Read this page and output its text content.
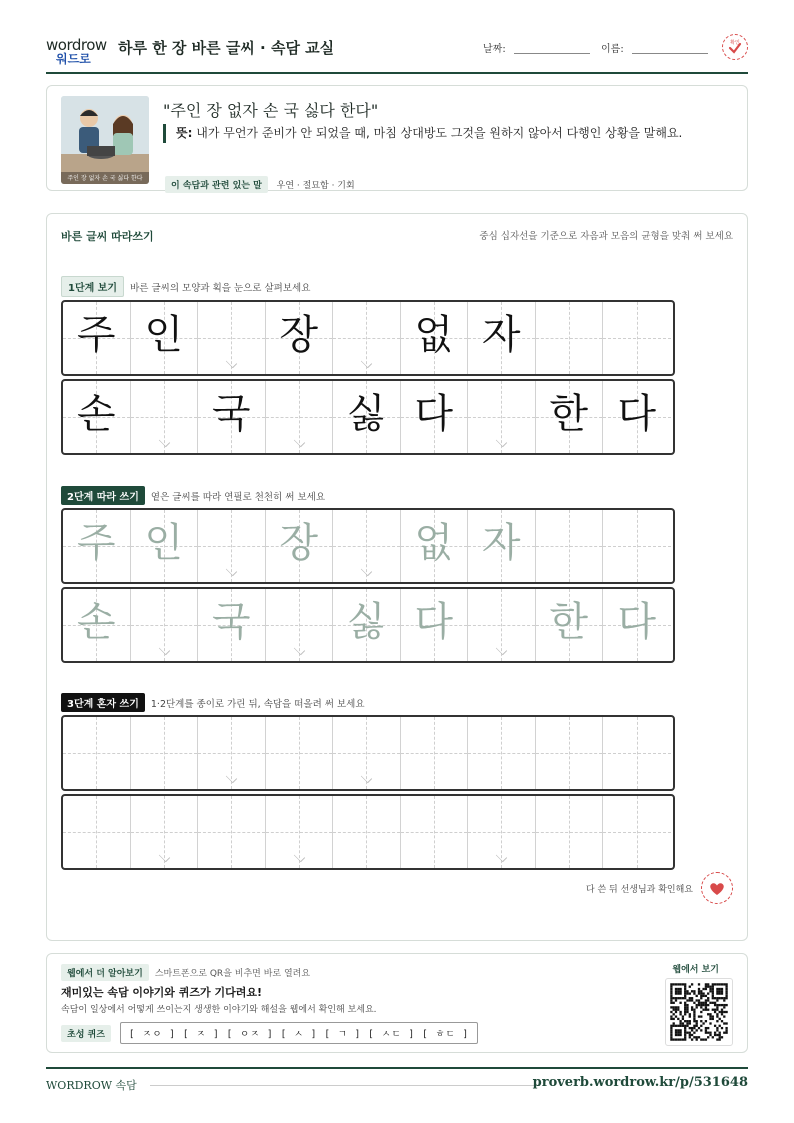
wordrow
워드로
하루 한 장 바른 글씨 · 속담 교실	날짜:	이름:
확인
주인 장 없자 손 국 싫다 한다
"주인 장 없자 손 국 싫다 한다"
뜻: 내가 무언가 준비가 안 되었을 때, 마침 상대방도 그것을 원하지 않아서 다행인 상황을 말해요.
이 속담과 관련 있는 말 우연 · 절묘함 · 기회
바른 글씨 따라쓰기	중심 십자선을 기준으로 자음과 모음의 균형을 맞춰 써 보세요
1단계 보기 바른 글씨의 모양과 획을 눈으로 살펴보세요
주 인	장	없 자
손	국	싫 다	한 다
2단계 따라 쓰기 옅은 글씨를 따라 연필로 천천히 써 보세요
주 인	장	없 자
손	국	싫 다	한 다
3단계 혼자 쓰기 1·2단계를 종이로 가린 뒤, 속담을 떠올려 써 보세요
다 쓴 뒤 선생님과 확인해요
웹에서 더 알아보기 스마트폰으로 QR을 비추면 바로 열려요
재미있는 속담 이야기와 퀴즈가 기다려요!
속담이 일상에서 어떻게 쓰이는지 생생한 이야기와 해설을 웹에서 확인해 보세요.
초성 퀴즈	[ ㅈㅇ ] [ ㅈ ] [ ㅇㅈ ] [ ㅅ ] [ ㄱ ] [ ㅅㄷ ] [ ㅎㄷ ]
웹에서 보기
WORDROW 속담	proverb.wordrow.kr/p/531648
